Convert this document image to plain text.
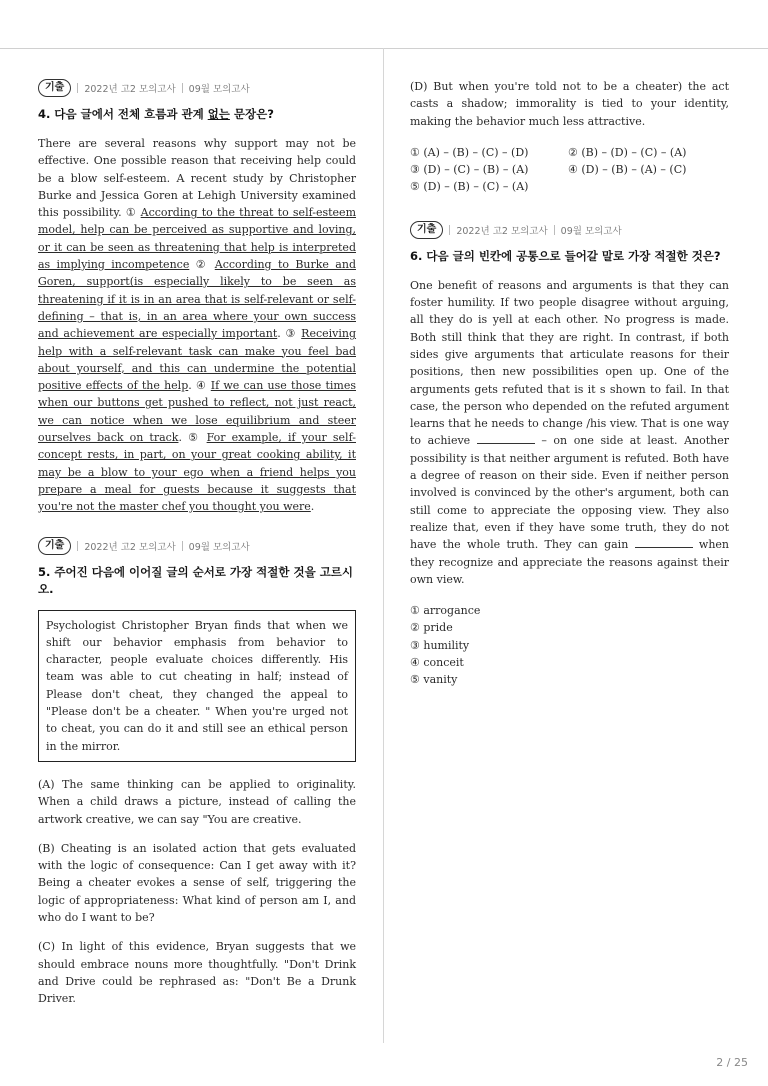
기출	2022년 고2 모의고사 09월 모의고사
4. 다음 글에서 전체 흐름과 관계 없는 문장은?

There are several reasons why support may not be effective. One possible reason that receiving help could be a blow self-esteem. A recent study by Christopher Burke and Jessica Goren at Lehigh University examined this possibility. ① According to the threat to self-esteem model, help can be perceived as supportive and loving, or it can be seen as threatening that help is interpreted as implying incompetence ② According to Burke and Goren, support(is especially likely to be seen as threatening if it is in an area that is self-relevant or self-defining – that is, in an area where your own success and achievement are especially important. ③ Receiving help with a self-relevant task can make you feel bad about yourself, and this can undermine the potential positive effects of the help. ④ If we can use those times when our buttons get pushed to reflect, not just react, we can notice when we lose equilibrium and steer ourselves back on track. ⑤ For example, if your self-concept rests, in part, on your great cooking ability, it may be a blow to your ego when a friend helps you prepare a meal for guests because it suggests that you're not the master chef you thought you were.

기출	2022년 고2 모의고사 09월 모의고사
5. 주어진 다음에 이어질 글의 순서로 가장 적절한 것을 고르시오.

Psychologist Christopher Bryan finds that when we shift our behavior emphasis from behavior to character, people evaluate choices differently. His team was able to cut cheating in half; instead of Please don't cheat, they changed the appeal to "Please don't be a cheater. " When you're urged not to cheat, you can do it and still see an ethical person in the mirror.

(A) The same thinking can be applied to originality. When a child draws a picture, instead of calling the artwork creative, we can say "You are creative.

(B) Cheating is an isolated action that gets evaluated with the logic of consequence: Can I get away with it? Being a cheater evokes a sense of self, triggering the logic of appropriateness: What kind of person am I, and who do I want to be?

(C) In light of this evidence, Bryan suggests that we should embrace nouns more thoughtfully. "Don't Drink and Drive could be rephrased as: "Don't Be a Drunk Driver.

(D) But when you're told not to be a cheater) the act casts a shadow; immorality is tied to your identity, making the behavior much less attractive.

① (A) – (B) – (C) – (D)	② (B) – (D) – (C) – (A)
③ (D) – (C) – (B) – (A)	④ (D) – (B) – (A) – (C)
⑤ (D) – (B) – (C) – (A)
기출	2022년 고2 모의고사 09월 모의고사
6. 다음 글의 빈칸에 공통으로 들어갈 말로 가장 적절한 것은?

One benefit of reasons and arguments is that they can foster humility. If two people disagree without arguing, all they do is yell at each other. No progress is made. Both still think that they are right. In contrast, if both sides give arguments that articulate reasons for their positions, then new possibilities open up. One of the arguments gets refuted that is it s shown to fail. In that case, the person who depended on the refuted argument learns that he needs to change /his view. That is one way to achieve	– on one side at least. Another possibility is that neither argument is refuted. Both have a degree of reason on their side. Even if neither person involved is convinced by the other's argument, both can still come to appreciate the opposing view. They also realize that, even if they have some truth, they do not have the whole truth. They can gain	when they recognize and appreciate the reasons against their own view.

① arrogance
② pride
③ humility
④ conceit
⑤ vanity
2 / 25
